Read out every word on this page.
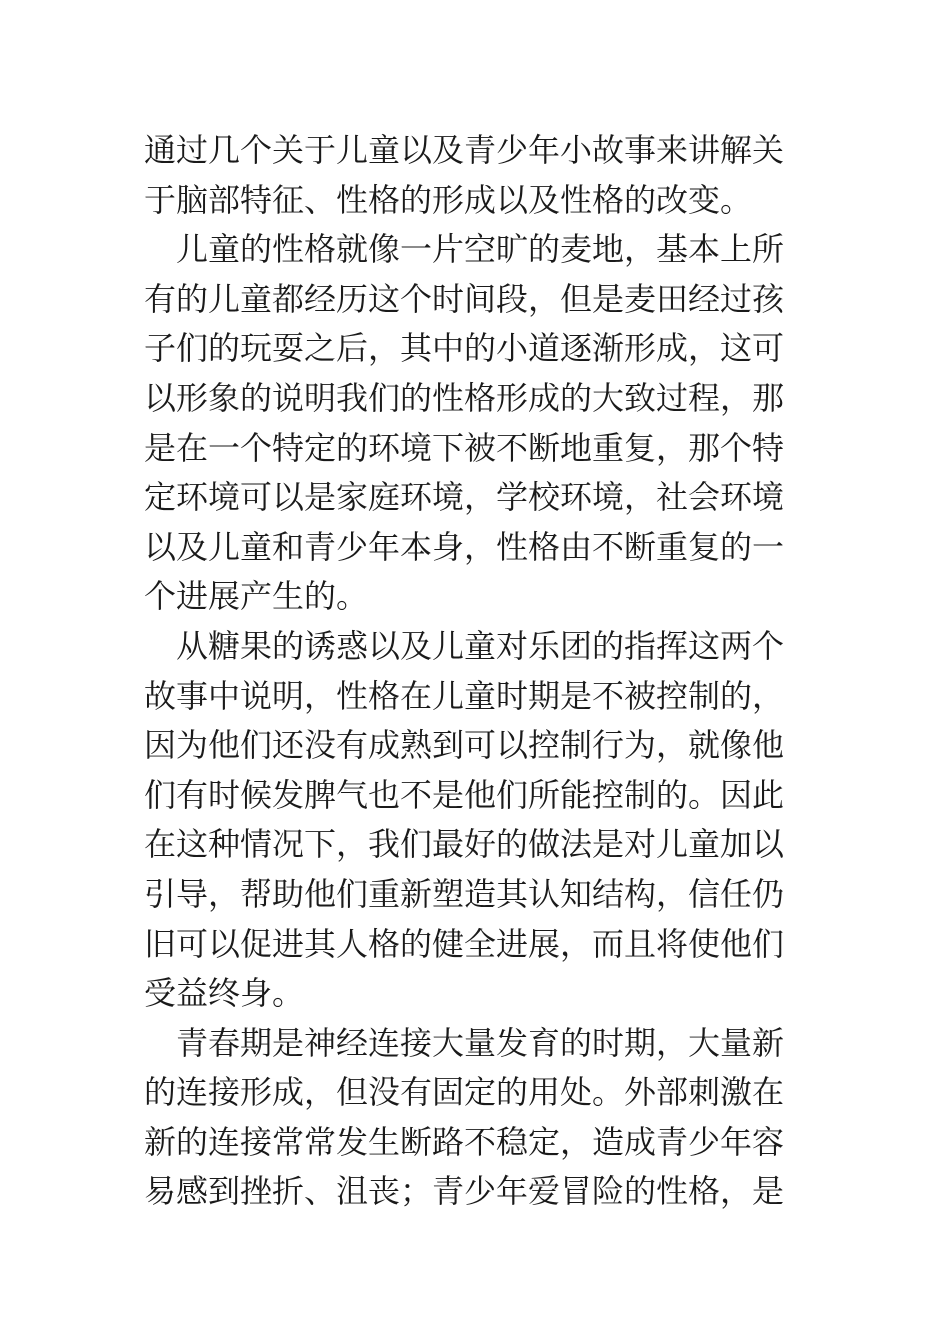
通过几个关于儿童以及青少年小故事来讲解关
于脑部特征、性格的形成以及性格的改变。

儿童的性格就像一片空旷的麦地，基本上所
有的儿童都经历这个时间段，但是麦田经过孩
子们的玩耍之后，其中的小道逐渐形成，这可
以形象的说明我们的性格形成的大致过程，那
是在一个特定的环境下被不断地重复，那个特
定环境可以是家庭环境，学校环境，社会环境
以及儿童和青少年本身，性格由不断重复的一
个进展产生的。

从糖果的诱惑以及儿童对乐团的指挥这两个
故事中说明，性格在儿童时期是不被控制的，
因为他们还没有成熟到可以控制行为，就像他
们有时候发脾气也不是他们所能控制的。因此
在这种情况下，我们最好的做法是对儿童加以
引导，帮助他们重新塑造其认知结构，信任仍
旧可以促进其人格的健全进展，而且将使他们
受益终身。

青春期是神经连接大量发育的时期，大量新
的连接形成，但没有固定的用处。外部刺激在
新的连接常常发生断路不稳定，造成青少年容
易感到挫折、沮丧；青少年爱冒险的性格，是
